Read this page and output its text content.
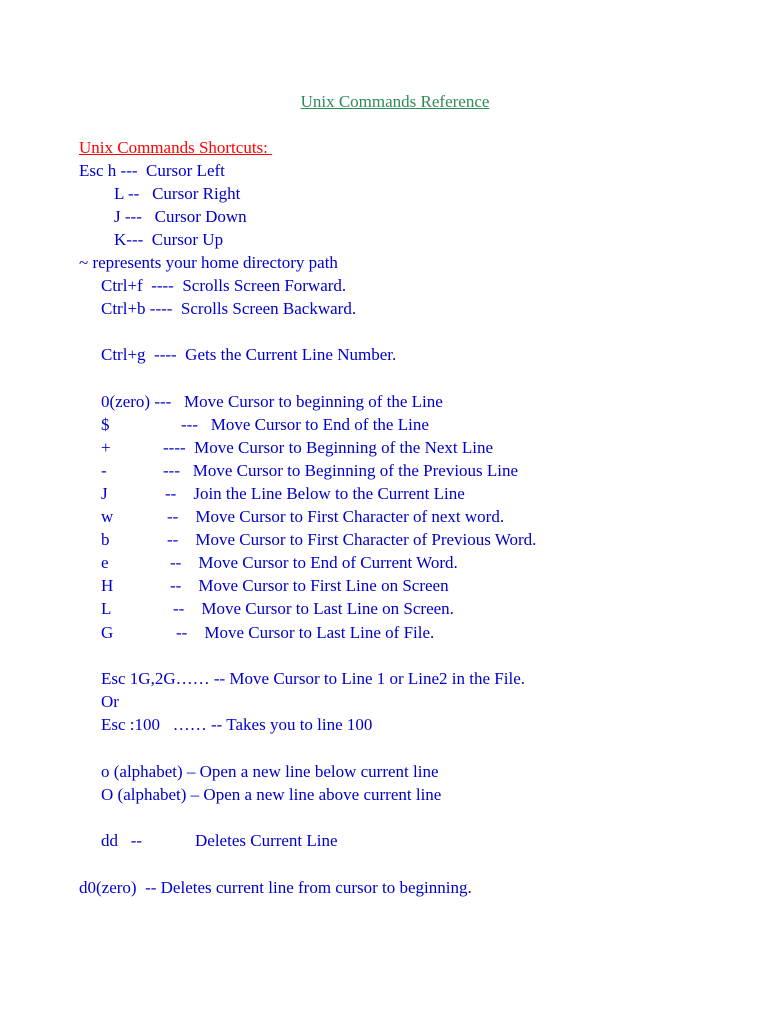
Unix Commands Reference
Unix Commands Shortcuts:
Esc h ---  Cursor Left
L --   Cursor Right
J ---   Cursor Down
K---  Cursor Up
~ represents your home directory path
Ctrl+f  ----  Scrolls Screen Forward.
Ctrl+b ----  Scrolls Screen Backward.
Ctrl+g  ----  Gets the Current Line Number.
0(zero) ---   Move Cursor to beginning of the Line
$	---   Move Cursor to End of the Line
+	----  Move Cursor to Beginning of the Next Line
-	---   Move Cursor to Beginning of the Previous Line
J	--    Join the Line Below to the Current Line
w	--    Move Cursor to First Character of next word.
b	--    Move Cursor to First Character of Previous Word.
e	--    Move Cursor to End of Current Word.
H	--    Move Cursor to First Line on Screen
L	--    Move Cursor to Last Line on Screen.
G	--    Move Cursor to Last Line of File.
Esc 1G,2G…… -- Move Cursor to Line 1 or Line2 in the File.
Or
Esc :100   …… -- Takes you to line 100
o (alphabet) – Open a new line below current line
O (alphabet) – Open a new line above current line
dd   --	Deletes Current Line
d0(zero)  -- Deletes current line from cursor to beginning.
